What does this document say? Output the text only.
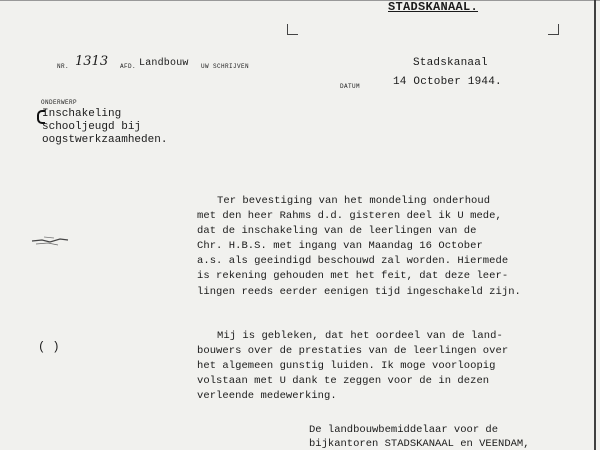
STADSKANAAL.
NR. 1313 AFD. Landbouw UW SCHRIJVEN	Stadskanaal
DATUM	14 October 1944.
ONDERWERP
Inschakeling
schooljeugd bij
oogstwerkzaamheden.
Ter bevestiging van het mondeling onderhoud
met den heer Rahms d.d. gisteren deel ik U mede,
dat de inschakeling van de leerlingen van de
Chr. H.B.S. met ingang van Maandag 16 October
a.s. als geeindigd beschouwd zal worden. Hiermede
is rekening gehouden met het feit, dat deze leer-
lingen reeds eerder eenigen tijd ingeschakeld zijn.
Mij is gebleken, dat het oordeel van de land-
bouwers over de prestaties van de leerlingen over
het algemeen gunstig luiden. Ik moge voorloopig
volstaan met U dank te zeggen voor de in dezen
verleende medewerking.
( )
De landbouwbemiddelaar voor de
bijkantoren STADSKANAAL en VEENDAM,
